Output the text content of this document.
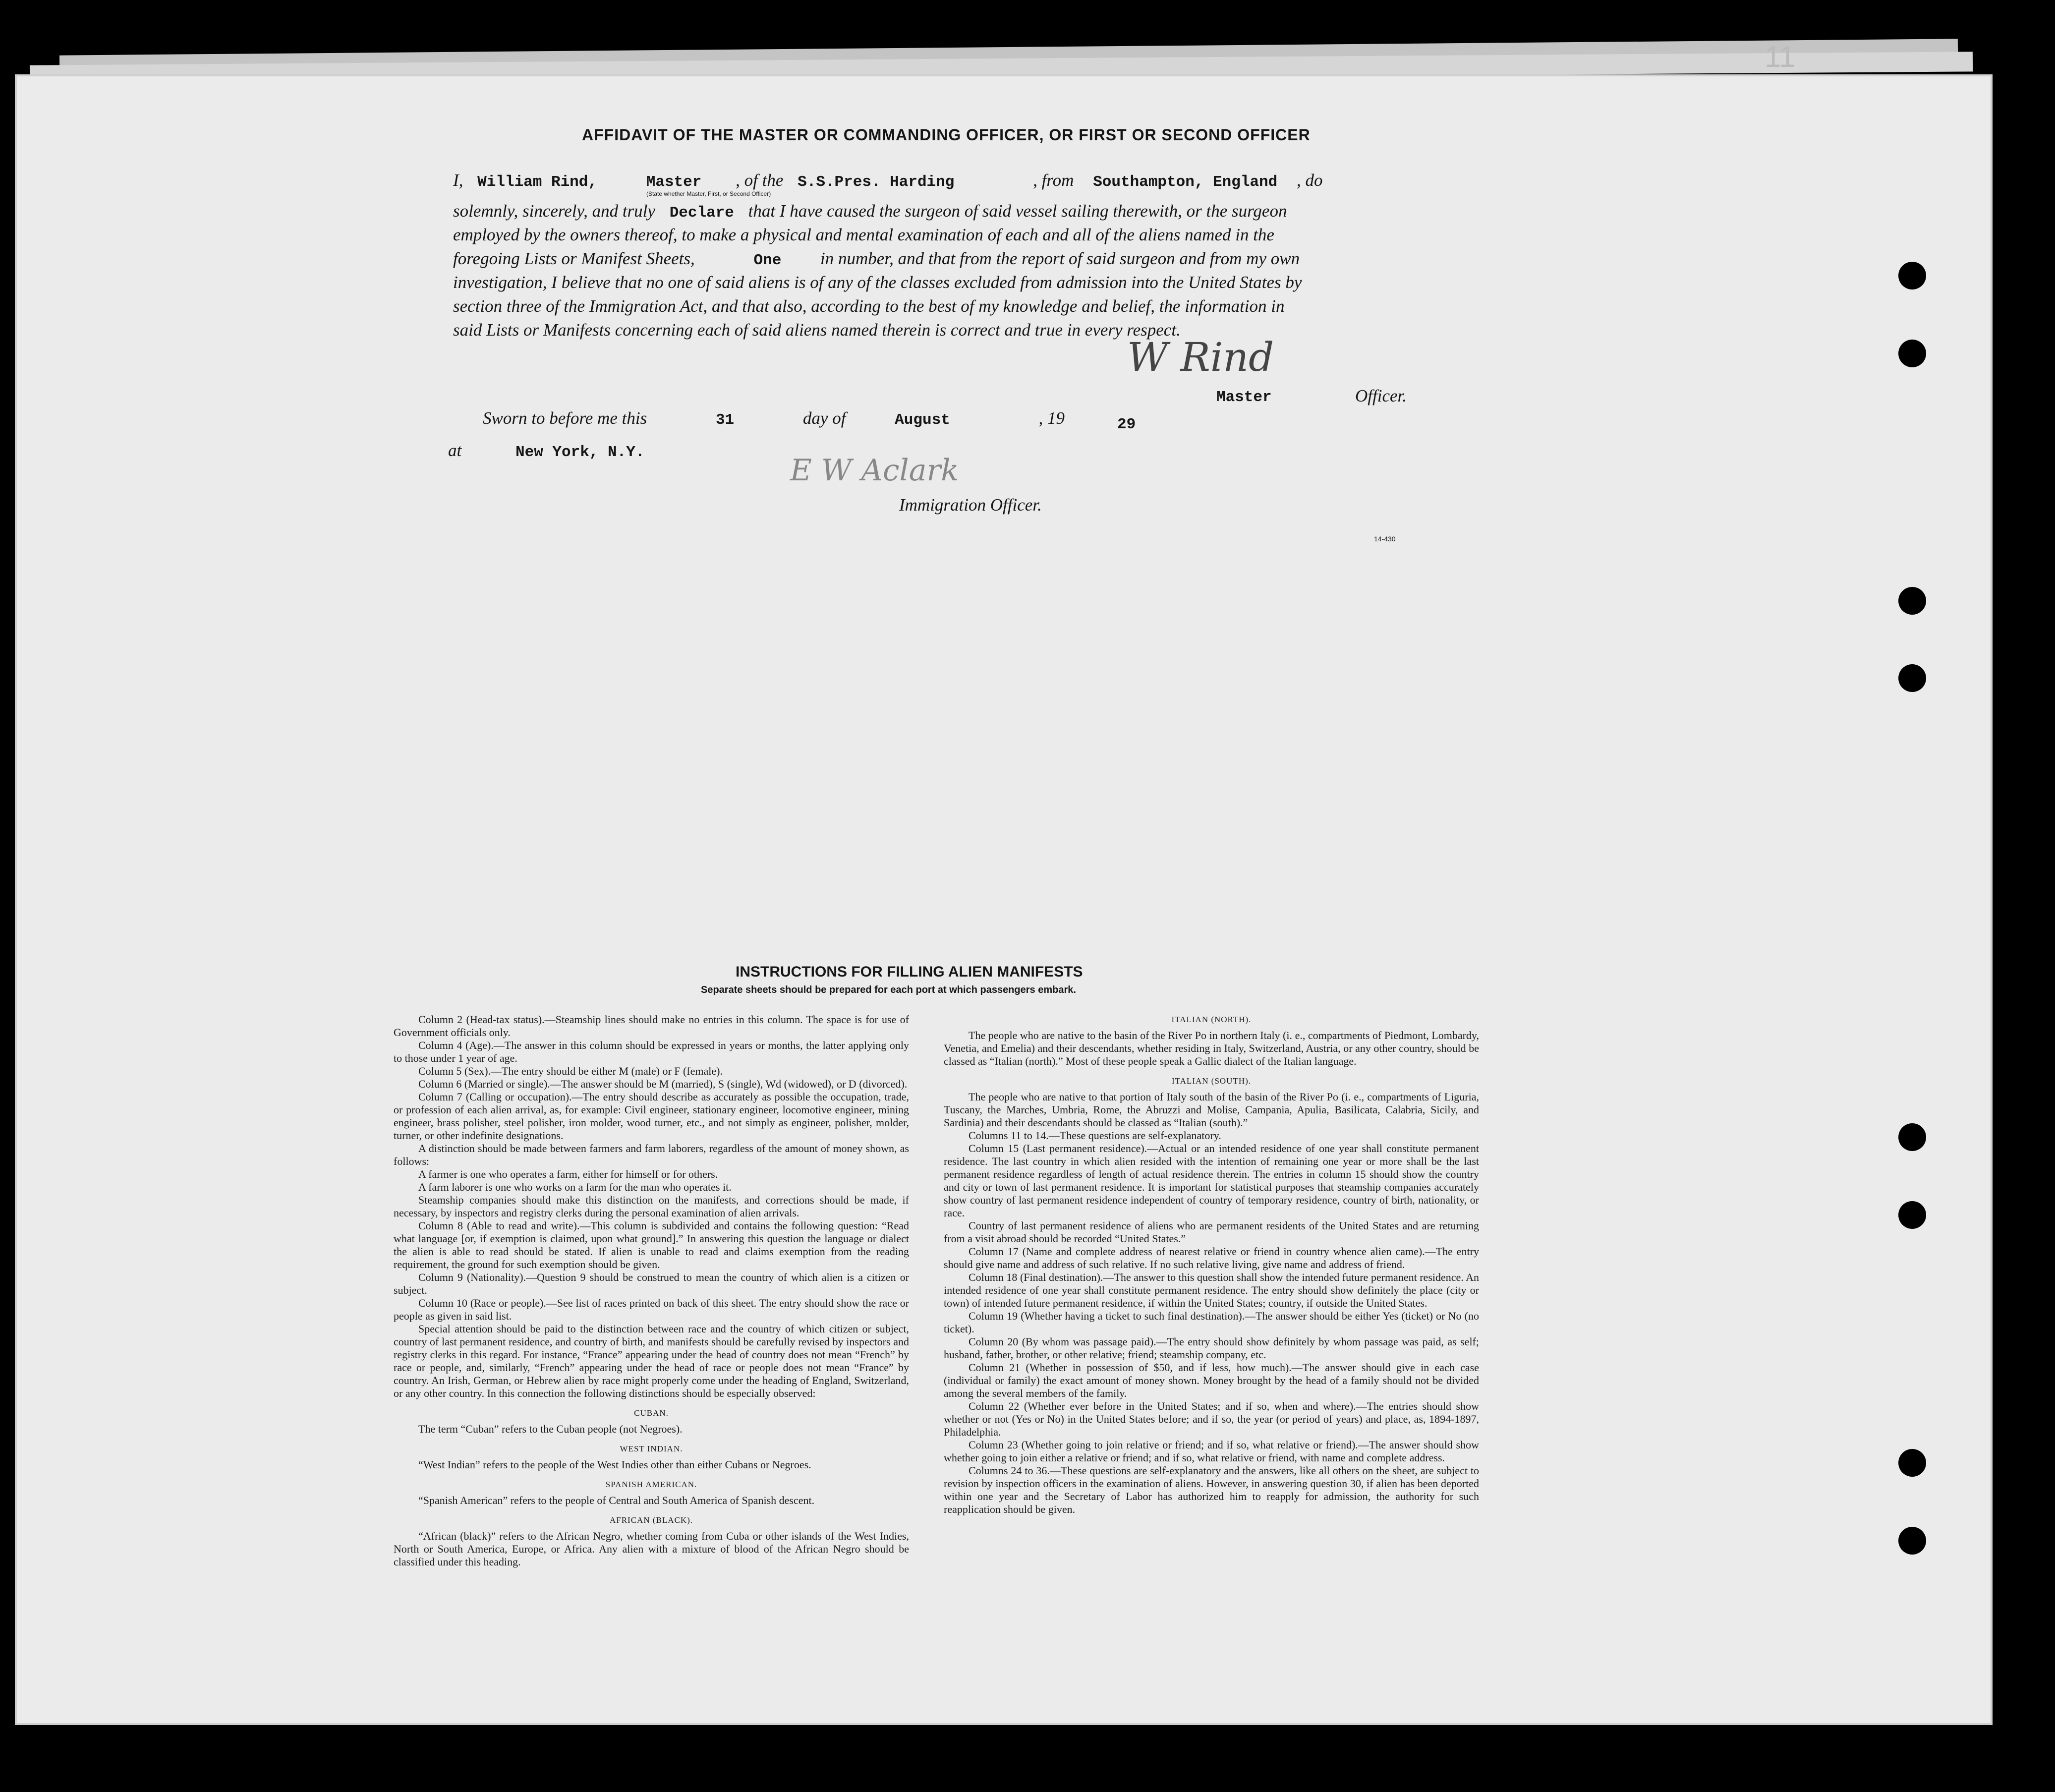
11
AFFIDAVIT OF THE MASTER OR COMMANDING OFFICER, OR FIRST OR SECOND OFFICER
I, William Rind,	Master , of the S.S.Pres. Harding	, from Southampton, England , do
(State whether Master, First, or Second Officer)
solemnly, sincerely, and truly Declare that I have caused the surgeon of said vessel sailing therewith, or the surgeon
employed by the owners thereof, to make a physical and mental examination of each and all of the aliens named in the
foregoing Lists or Manifest Sheets,	One in number, and that from the report of said surgeon and from my own
investigation, I believe that no one of said aliens is of any of the classes excluded from admission into the United States by
section three of the Immigration Act, and that also, according to the best of my knowledge and belief, the information in
said Lists or Manifests concerning each of said aliens named therein is correct and true in every respect.
W Rind
Master	Officer.
Sworn to before me this	31	day of	August	, 19	29
at	New York, N.Y.
E W Aclark
Immigration Officer.
14-430
INSTRUCTIONS FOR FILLING ALIEN MANIFESTS
Separate sheets should be prepared for each port at which passengers embark.

Column 2 (Head-tax status).—Steamship lines should make no entries in this column. The space is for use of Government officials only.

Column 4 (Age).—The answer in this column should be expressed in years or months, the latter applying only to those under 1 year of age.

Column 5 (Sex).—The entry should be either M (male) or F (female).

Column 6 (Married or single).—The answer should be M (married), S (single), Wd (widowed), or D (divorced).

Column 7 (Calling or occupation).—The entry should describe as accurately as possible the occupation, trade, or profession of each alien arrival, as, for example: Civil engineer, stationary engineer, locomotive engineer, mining engineer, brass polisher, steel polisher, iron molder, wood turner, etc., and not simply as engineer, polisher, molder, turner, or other indefinite designations.

A distinction should be made between farmers and farm laborers, regardless of the amount of money shown, as follows:

A farmer is one who operates a farm, either for himself or for others.

A farm laborer is one who works on a farm for the man who operates it.

Steamship companies should make this distinction on the manifests, and corrections should be made, if necessary, by inspectors and registry clerks during the personal examination of alien arrivals.

Column 8 (Able to read and write).—This column is subdivided and contains the following question: “Read what language [or, if exemption is claimed, upon what ground].” In answering this question the language or dialect the alien is able to read should be stated. If alien is unable to read and claims exemption from the reading requirement, the ground for such exemption should be given.

Column 9 (Nationality).—Question 9 should be construed to mean the country of which alien is a citizen or subject.

Column 10 (Race or people).—See list of races printed on back of this sheet. The entry should show the race or people as given in said list.

Special attention should be paid to the distinction between race and the country of which citizen or subject, country of last permanent residence, and country of birth, and manifests should be carefully revised by inspectors and registry clerks in this regard. For instance, “France” appearing under the head of country does not mean “French” by race or people, and, similarly, “French” appearing under the head of race or people does not mean “France” by country. An Irish, German, or Hebrew alien by race might properly come under the heading of England, Switzerland, or any other country. In this connection the following distinctions should be especially observed:

CUBAN.

The term “Cuban” refers to the Cuban people (not Negroes).

WEST INDIAN.

“West Indian” refers to the people of the West Indies other than either Cubans or Negroes.

SPANISH AMERICAN.

“Spanish American” refers to the people of Central and South America of Spanish descent.

AFRICAN (BLACK).

“African (black)” refers to the African Negro, whether coming from Cuba or other islands of the West Indies, North or South America, Europe, or Africa. Any alien with a mixture of blood of the African Negro should be classified under this heading.

ITALIAN (NORTH).

The people who are native to the basin of the River Po in northern Italy (i. e., compartments of Piedmont, Lombardy, Venetia, and Emelia) and their descendants, whether residing in Italy, Switzerland, Austria, or any other country, should be classed as “Italian (north).” Most of these people speak a Gallic dialect of the Italian language.

ITALIAN (SOUTH).

The people who are native to that portion of Italy south of the basin of the River Po (i. e., compartments of Liguria, Tuscany, the Marches, Umbria, Rome, the Abruzzi and Molise, Campania, Apulia, Basilicata, Calabria, Sicily, and Sardinia) and their descendants should be classed as “Italian (south).”

Columns 11 to 14.—These questions are self-explanatory.

Column 15 (Last permanent residence).—Actual or an intended residence of one year shall constitute permanent residence. The last country in which alien resided with the intention of remaining one year or more shall be the last permanent residence regardless of length of actual residence therein. The entries in column 15 should show the country and city or town of last permanent residence. It is important for statistical purposes that steamship companies accurately show country of last permanent residence independent of country of temporary residence, country of birth, nationality, or race.

Country of last permanent residence of aliens who are permanent residents of the United States and are returning from a visit abroad should be recorded “United States.”

Column 17 (Name and complete address of nearest relative or friend in country whence alien came).—The entry should give name and address of such relative. If no such relative living, give name and address of friend.

Column 18 (Final destination).—The answer to this question shall show the intended future permanent residence. An intended residence of one year shall constitute permanent residence. The entry should show definitely the place (city or town) of intended future permanent residence, if within the United States; country, if outside the United States.

Column 19 (Whether having a ticket to such final destination).—The answer should be either Yes (ticket) or No (no ticket).

Column 20 (By whom was passage paid).—The entry should show definitely by whom passage was paid, as self; husband, father, brother, or other relative; friend; steamship company, etc.

Column 21 (Whether in possession of $50, and if less, how much).—The answer should give in each case (individual or family) the exact amount of money shown. Money brought by the head of a family should not be divided among the several members of the family.

Column 22 (Whether ever before in the United States; and if so, when and where).—The entries should show whether or not (Yes or No) in the United States before; and if so, the year (or period of years) and place, as, 1894-1897, Philadelphia.

Column 23 (Whether going to join relative or friend; and if so, what relative or friend).—The answer should show whether going to join either a relative or friend; and if so, what relative or friend, with name and complete address.

Columns 24 to 36.—These questions are self-explanatory and the answers, like all others on the sheet, are subject to revision by inspection officers in the examination of aliens. However, in answering question 30, if alien has been deported within one year and the Secretary of Labor has authorized him to reapply for admission, the authority for such reapplication should be given.
